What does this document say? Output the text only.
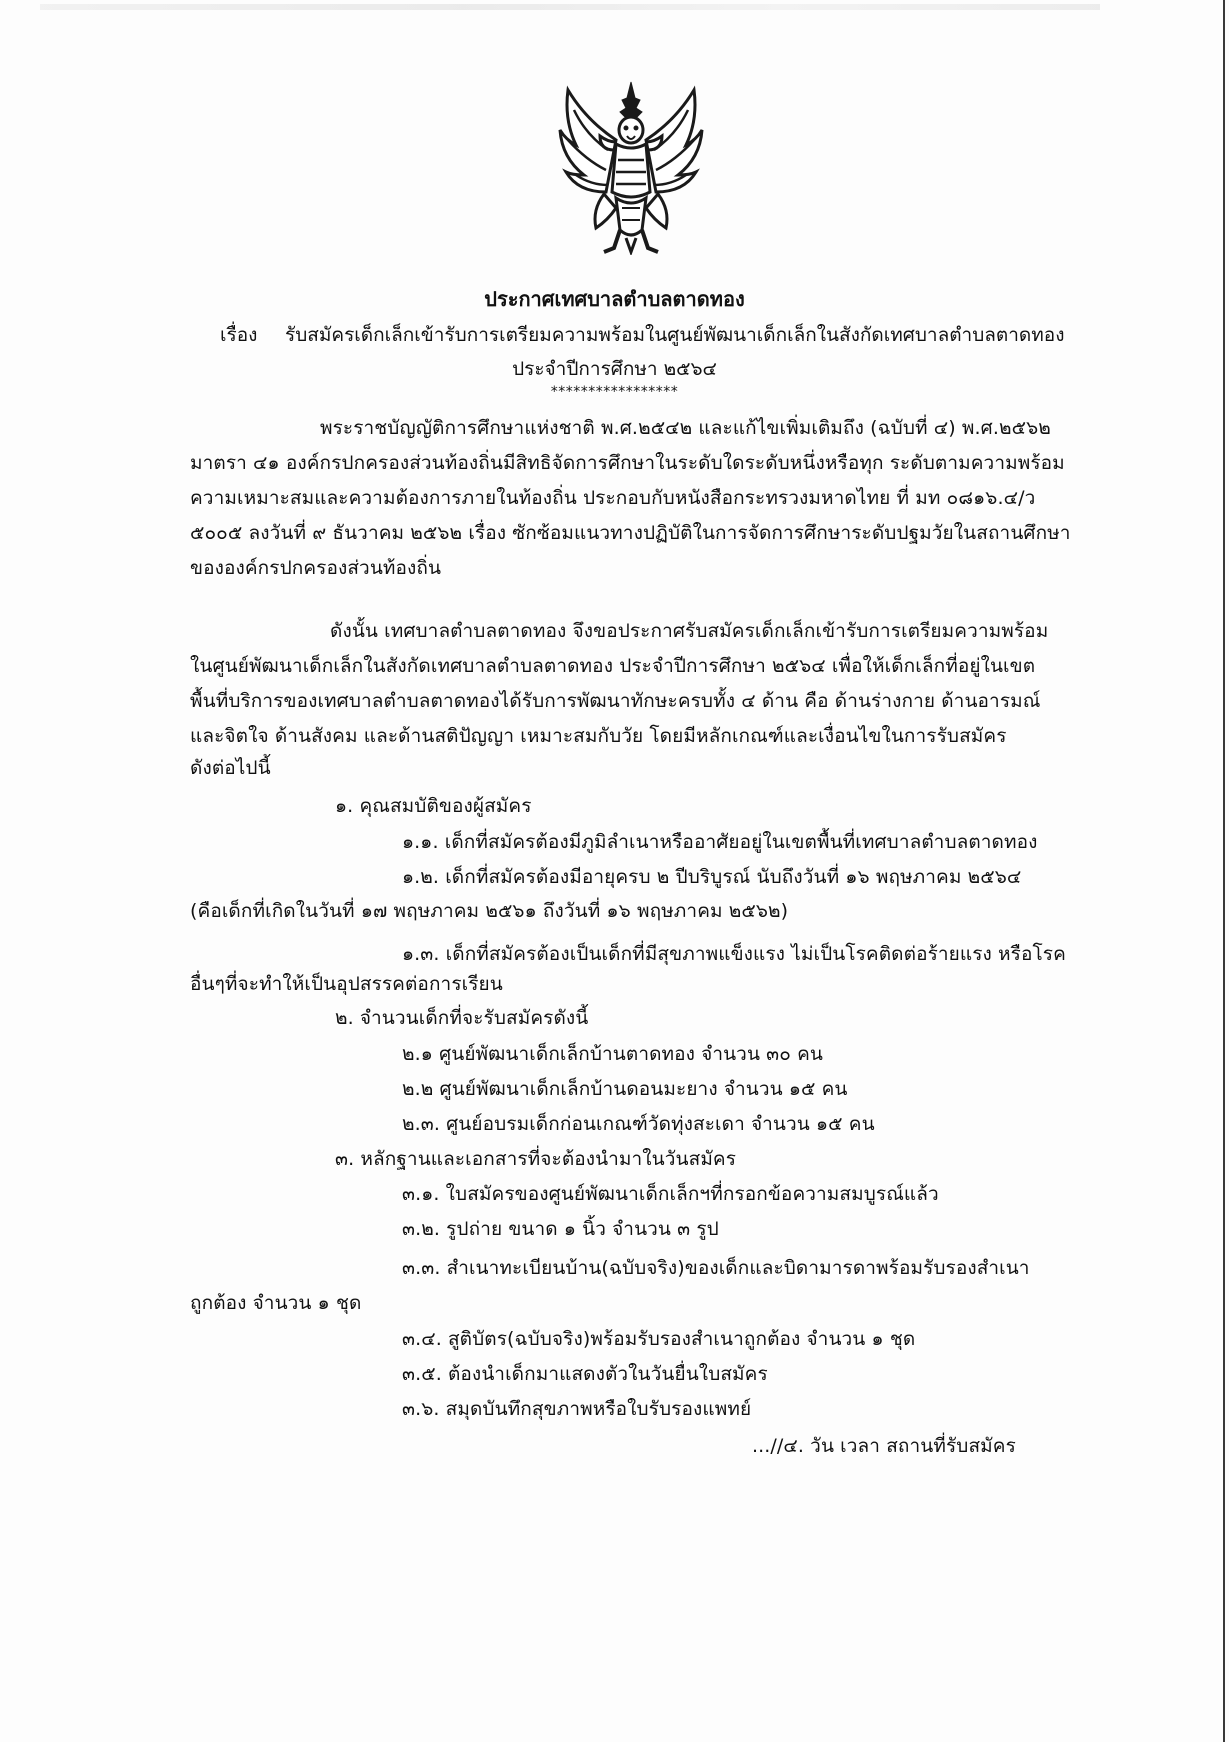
ประกาศเทศบาลตำบลตาดทอง
เรื่อง รับสมัครเด็กเล็กเข้ารับการเตรียมความพร้อมในศูนย์พัฒนาเด็กเล็กในสังกัดเทศบาลตำบลตาดทอง
ประจำปีการศึกษา ๒๕๖๔
*****************
พระราชบัญญัติการศึกษาแห่งชาติ พ.ศ.๒๕๔๒ และแก้ไขเพิ่มเติมถึง (ฉบับที่ ๔) พ.ศ.๒๕๖๒
มาตรา ๔๑ องค์กรปกครองส่วนท้องถิ่นมีสิทธิจัดการศึกษาในระดับใดระดับหนึ่งหรือทุก ระดับตามความพร้อม
ความเหมาะสมและความต้องการภายในท้องถิ่น ประกอบกับหนังสือกระทรวงมหาดไทย ที่ มท ๐๘๑๖.๔/ว
๕๐๐๕ ลงวันที่ ๙ ธันวาคม ๒๕๖๒ เรื่อง ซักซ้อมแนวทางปฏิบัติในการจัดการศึกษาระดับปฐมวัยในสถานศึกษา
ขององค์กรปกครองส่วนท้องถิ่น
ดังนั้น เทศบาลตำบลตาดทอง จึงขอประกาศรับสมัครเด็กเล็กเข้ารับการเตรียมความพร้อม
ในศูนย์พัฒนาเด็กเล็กในสังกัดเทศบาลตำบลตาดทอง ประจำปีการศึกษา ๒๕๖๔ เพื่อให้เด็กเล็กที่อยู่ในเขต
พื้นที่บริการของเทศบาลตำบลตาดทองได้รับการพัฒนาทักษะครบทั้ง ๔ ด้าน คือ ด้านร่างกาย ด้านอารมณ์
และจิตใจ ด้านสังคม และด้านสติปัญญา เหมาะสมกับวัย โดยมีหลักเกณฑ์และเงื่อนไขในการรับสมัคร
ดังต่อไปนี้
๑. คุณสมบัติของผู้สมัคร
๑.๑. เด็กที่สมัครต้องมีภูมิลำเนาหรืออาศัยอยู่ในเขตพื้นที่เทศบาลตำบลตาดทอง
๑.๒. เด็กที่สมัครต้องมีอายุครบ ๒ ปีบริบูรณ์ นับถึงวันที่ ๑๖ พฤษภาคม ๒๕๖๔
(คือเด็กที่เกิดในวันที่ ๑๗ พฤษภาคม ๒๕๖๑ ถึงวันที่ ๑๖ พฤษภาคม ๒๕๖๒)
๑.๓. เด็กที่สมัครต้องเป็นเด็กที่มีสุขภาพแข็งแรง ไม่เป็นโรคติดต่อร้ายแรง หรือโรค
อื่นๆที่จะทำให้เป็นอุปสรรคต่อการเรียน
๒. จำนวนเด็กที่จะรับสมัครดังนี้
๒.๑ ศูนย์พัฒนาเด็กเล็กบ้านตาดทอง จำนวน ๓๐ คน
๒.๒ ศูนย์พัฒนาเด็กเล็กบ้านดอนมะยาง จำนวน ๑๕ คน
๒.๓. ศูนย์อบรมเด็กก่อนเกณฑ์วัดทุ่งสะเดา จำนวน ๑๕ คน
๓. หลักฐานและเอกสารที่จะต้องนำมาในวันสมัคร
๓.๑. ใบสมัครของศูนย์พัฒนาเด็กเล็กฯที่กรอกข้อความสมบูรณ์แล้ว
๓.๒. รูปถ่าย ขนาด ๑ นิ้ว จำนวน ๓ รูป
๓.๓. สำเนาทะเบียนบ้าน(ฉบับจริง)ของเด็กและบิดามารดาพร้อมรับรองสำเนา
ถูกต้อง จำนวน ๑ ชุด
๓.๔. สูติบัตร(ฉบับจริง)พร้อมรับรองสำเนาถูกต้อง จำนวน ๑ ชุด
๓.๕. ต้องนำเด็กมาแสดงตัวในวันยื่นใบสมัคร
๓.๖. สมุดบันทึกสุขภาพหรือใบรับรองแพทย์
...//๔. วัน เวลา สถานที่รับสมัคร
